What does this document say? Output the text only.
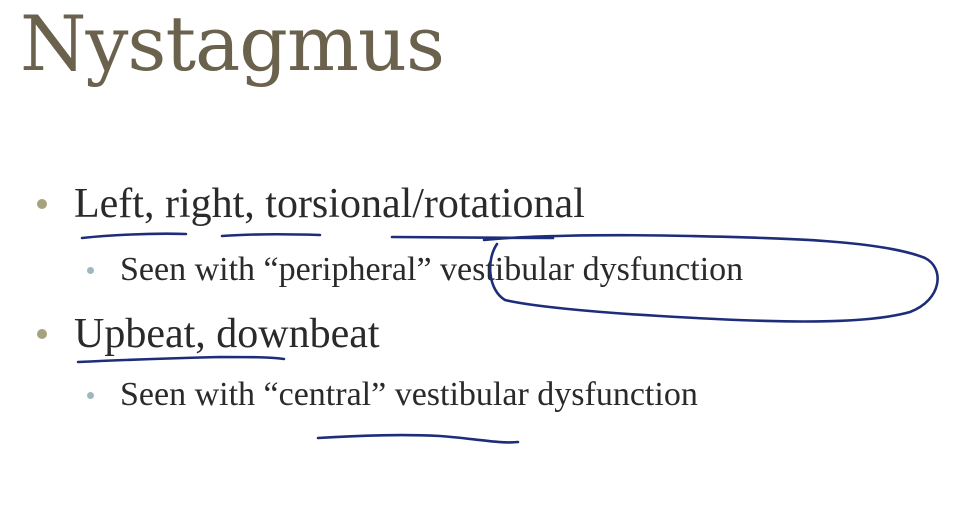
Nystagmus
Left, right, torsional/rotational
Seen with “peripheral” vestibular dysfunction
Upbeat, downbeat
Seen with “central” vestibular dysfunction
